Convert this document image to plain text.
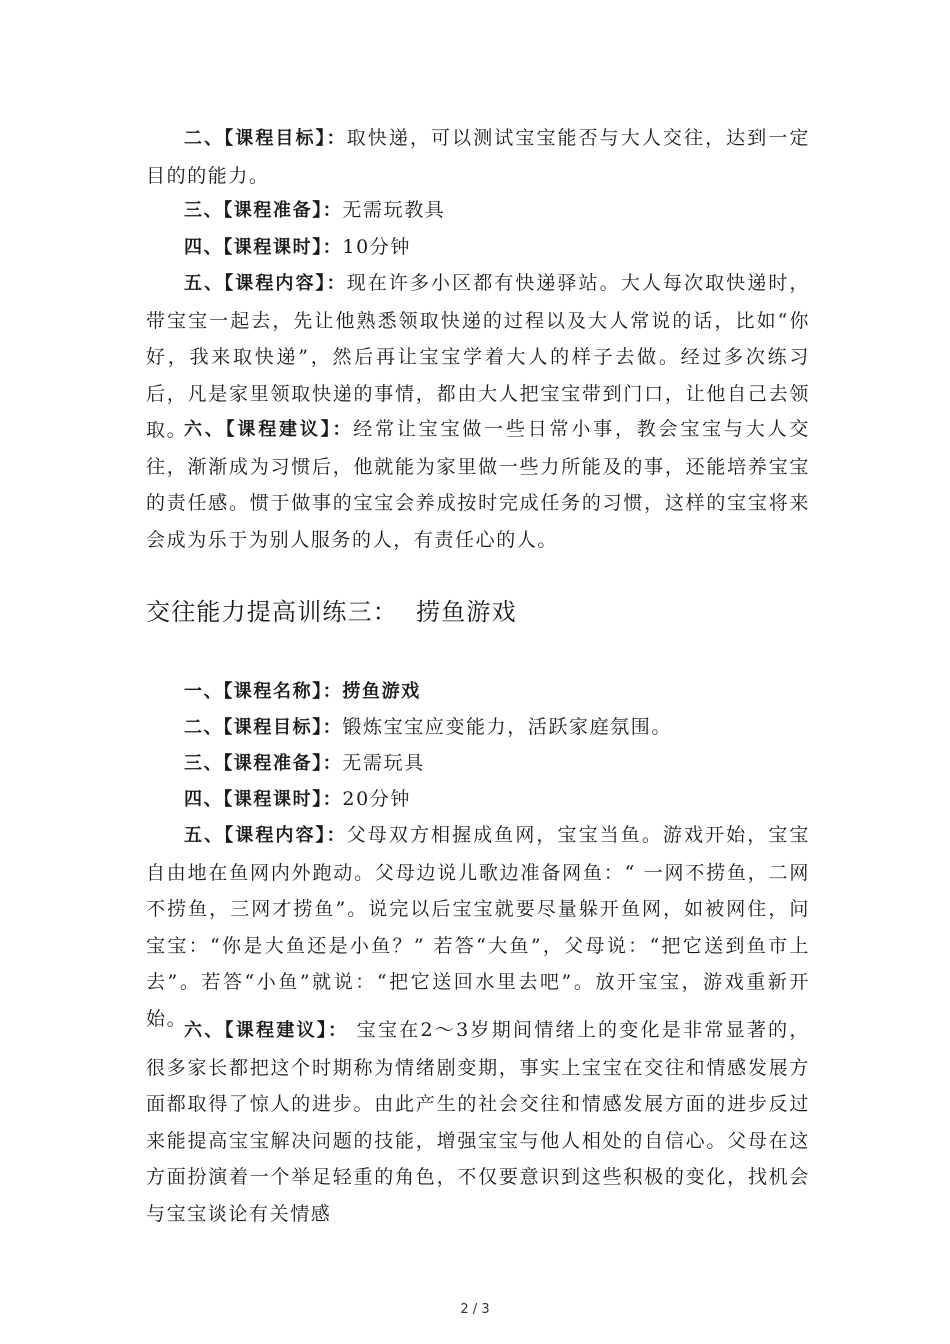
二、【课程目标】：取快递，可以测试宝宝能否与大人交往，达到一定目的的能力。

三、【课程准备】：无需玩教具

四、【课程课时】：10分钟

五、【课程内容】：现在许多小区都有快递驿站。大人每次取快递时，带宝宝一起去，先让他熟悉领取快递的过程以及大人常说的话，比如“你好，我来取快递”，然后再让宝宝学着大人的样子去做。经过多次练习后，凡是家里领取快递的事情，都由大人把宝宝带到门口，让他自己去领取。

六、【课程建议】：经常让宝宝做一些日常小事，教会宝宝与大人交往，渐渐成为习惯后，他就能为家里做一些力所能及的事，还能培养宝宝的责任感。惯于做事的宝宝会养成按时完成任务的习惯，这样的宝宝将来会成为乐于为别人服务的人，有责任心的人。

交往能力提高训练三： 捞鱼游戏

一、【课程名称】：捞鱼游戏

二、【课程目标】：锻炼宝宝应变能力，活跃家庭氛围。

三、【课程准备】：无需玩具

四、【课程课时】：20分钟

五、【课程内容】：父母双方相握成鱼网，宝宝当鱼。游戏开始，宝宝自由地在鱼网内外跑动。父母边说儿歌边准备网鱼：“ 一网不捞鱼，二网不捞鱼，三网才捞鱼”。说完以后宝宝就要尽量躲开鱼网，如被网住，问宝宝：“你是大鱼还是小鱼？” 若答“大鱼”，父母说：“把它送到鱼市上去”。若答“小鱼”就说：“把它送回水里去吧”。放开宝宝，游戏重新开始。

六、【课程建议】： 宝宝在2～3岁期间情绪上的变化是非常显著的，很多家长都把这个时期称为情绪剧变期，事实上宝宝在交往和情感发展方面都取得了惊人的进步。由此产生的社会交往和情感发展方面的进步反过来能提高宝宝解决问题的技能，增强宝宝与他人相处的自信心。父母在这方面扮演着一个举足轻重的角色，不仅要意识到这些积极的变化，找机会与宝宝谈论有关情感

2 / 3
